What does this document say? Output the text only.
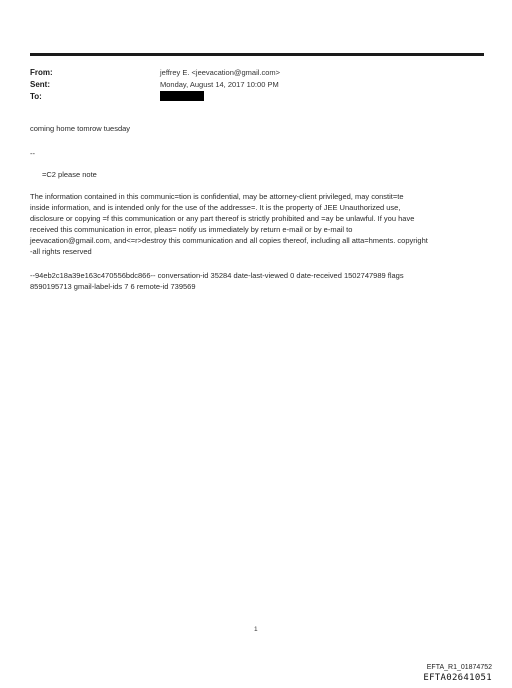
From:	jeffrey E. <jeevacation@gmail.com>
Sent:	Monday, August 14, 2017 10:00 PM
To:
coming home tomrow tuesday
--
=C2 please note
The information contained in this communic=tion is confidential, may be attorney-client privileged, may constit=te
inside information, and is intended only for the use of the addresse=. It is the property of JEE Unauthorized use,
disclosure or copying =f this communication or any part thereof is strictly prohibited and =ay be unlawful. If you have
received this communication in error, pleas= notify us immediately by return e-mail or by e-mail to
jeevacation@gmail.com, and<=r>destroy this communication and all copies thereof, including all atta=hments. copyright
-all rights reserved
--94eb2c18a39e163c470556bdc866-- conversation-id 35284 date-last-viewed 0 date-received 1502747989 flags
8590195713 gmail-label-ids 7 6 remote-id 739569
1
EFTA_R1_01874752
EFTA02641051
